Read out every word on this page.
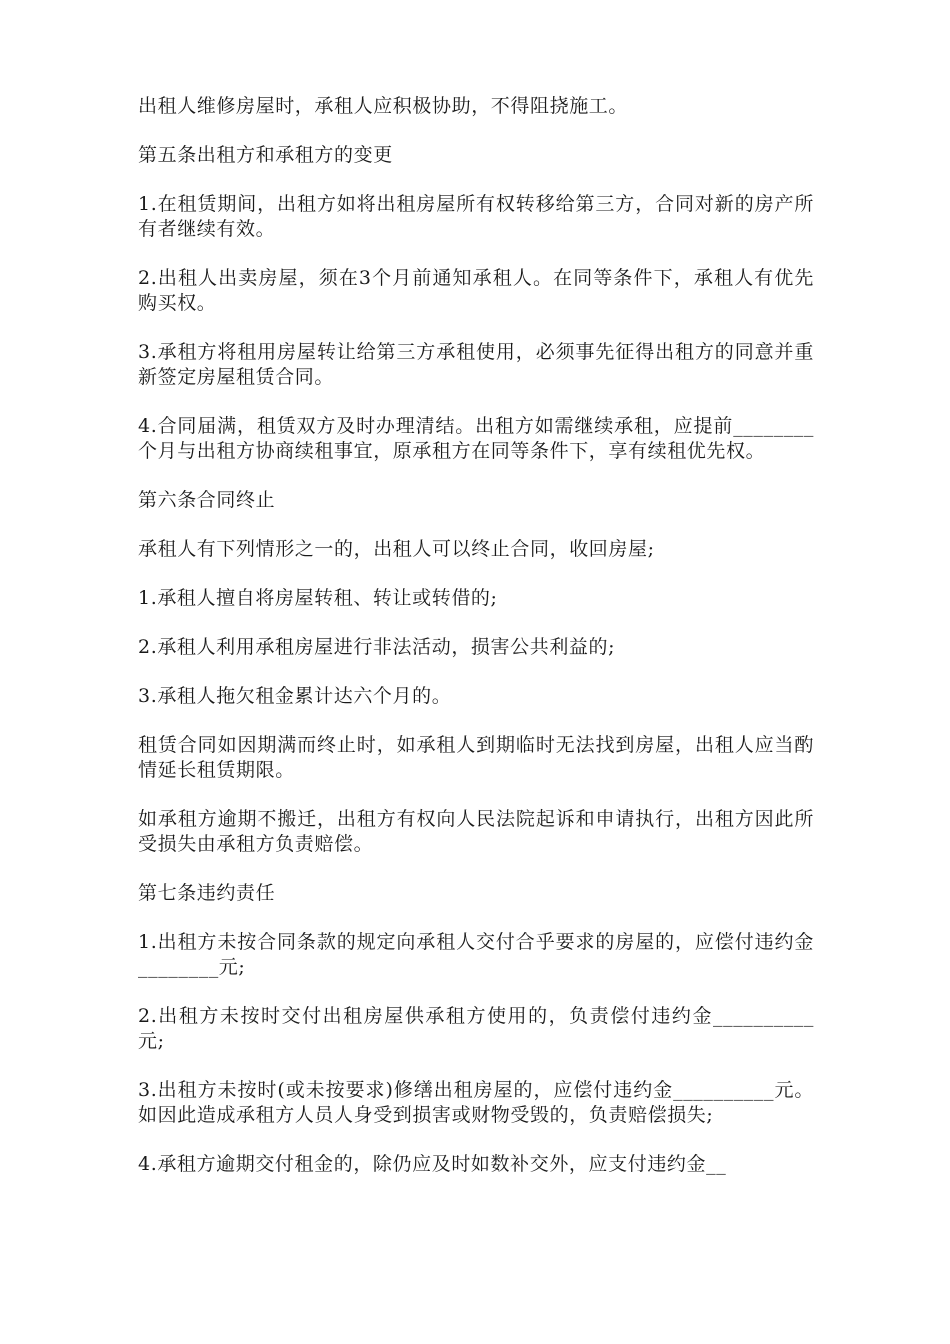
出租人维修房屋时，承租人应积极协助，不得阻挠施工。

第五条出租方和承租方的变更

1.在租赁期间，出租方如将出租房屋所有权转移给第三方，合同对新的房产所有者继续有效。

2.出租人出卖房屋，须在3个月前通知承租人。在同等条件下，承租人有优先购买权。

3.承租方将租用房屋转让给第三方承租使用，必须事先征得出租方的同意并重新签定房屋租赁合同。

4.合同届满，租赁双方及时办理清结。出租方如需继续承租，应提前________个月与出租方协商续租事宜，原承租方在同等条件下，享有续租优先权。

第六条合同终止

承租人有下列情形之一的，出租人可以终止合同，收回房屋;

1.承租人擅自将房屋转租、转让或转借的;

2.承租人利用承租房屋进行非法活动，损害公共利益的;

3.承租人拖欠租金累计达六个月的。

租赁合同如因期满而终止时，如承租人到期临时无法找到房屋，出租人应当酌情延长租赁期限。

如承租方逾期不搬迁，出租方有权向人民法院起诉和申请执行，出租方因此所受损失由承租方负责赔偿。

第七条违约责任

1.出租方未按合同条款的规定向承租人交付合乎要求的房屋的，应偿付违约金________元;

2.出租方未按时交付出租房屋供承租方使用的，负责偿付违约金__________元;

3.出租方未按时(或未按要求)修缮出租房屋的，应偿付违约金__________元。如因此造成承租方人员人身受到损害或财物受毁的，负责赔偿损失;

4.承租方逾期交付租金的，除仍应及时如数补交外，应支付违约金__
